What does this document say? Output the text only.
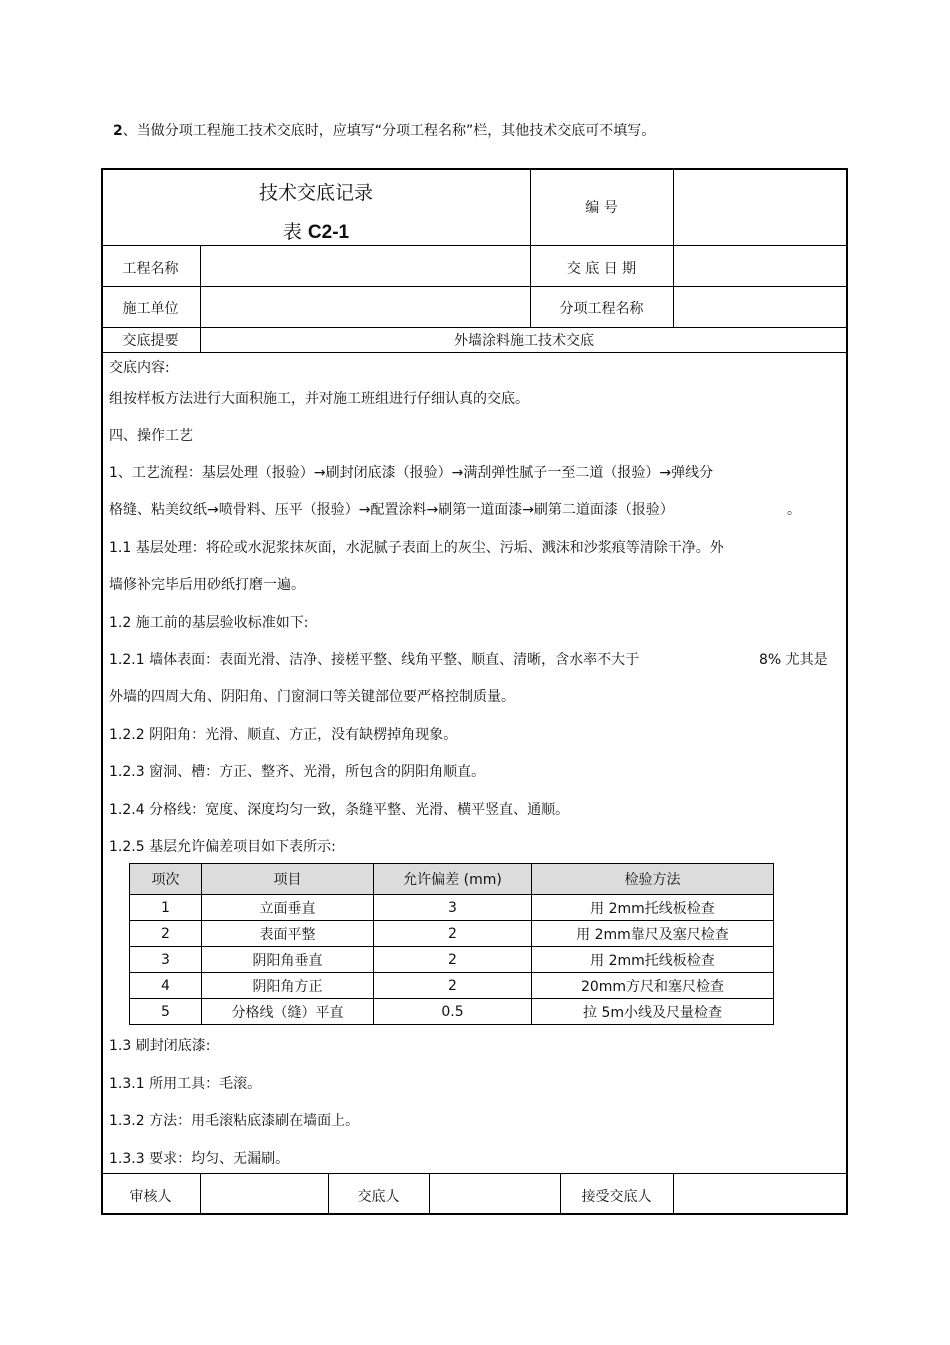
2、当做分项工程施工技术交底时，应填写“分项工程名称”栏，其他技术交底可不填写。
技术交底记录
表 C2-1
编 号
工程名称	交 底 日 期
施工单位	分项工程名称
交底提要	外墙涂料施工技术交底
交底内容:
组按样板方法进行大面积施工，并对施工班组进行仔细认真的交底。
四、操作工艺
1、工艺流程：基层处理（报验）→刷封闭底漆（报验）→满刮弹性腻子一至二道（报验）→弹线分
格缝、粘美纹纸→喷骨料、压平（报验）→配置涂料→刷第一道面漆→刷第二道面漆（报验）	。
1.1 基层处理：将砼或水泥浆抹灰面，水泥腻子表面上的灰尘、污垢、溅沫和沙浆痕等清除干净。外
墙修补完毕后用砂纸打磨一遍。
1.2 施工前的基层验收标准如下:
1.2.1 墙体表面：表面光滑、洁净、接槎平整、线角平整、顺直、清晰，含水率不大于	8% 尤其是
外墙的四周大角、阴阳角、门窗洞口等关键部位要严格控制质量。
1.2.2 阴阳角：光滑、顺直、方正，没有缺楞掉角现象。
1.2.3 窗洞、槽：方正、整齐、光滑，所包含的阴阳角顺直。
1.2.4 分格线：宽度、深度均匀一致，条缝平整、光滑、横平竖直、通顺。
1.2.5 基层允许偏差项目如下表所示:
项次	项目	允许偏差 (mm)	检验方法
1	立面垂直	3	用 2mm托线板检查
2	表面平整	2	用 2mm靠尺及塞尺检查
3	阴阳角垂直	2	用 2mm托线板检查
4	阴阳角方正	2	20mm方尺和塞尺检查
5	分格线（缝）平直	0.5	拉 5m小线及尺量检查
1.3 刷封闭底漆:
1.3.1 所用工具：毛滚。
1.3.2 方法：用毛滚粘底漆刷在墙面上。
1.3.3 要求：均匀、无漏刷。
审核人	交底人	接受交底人
